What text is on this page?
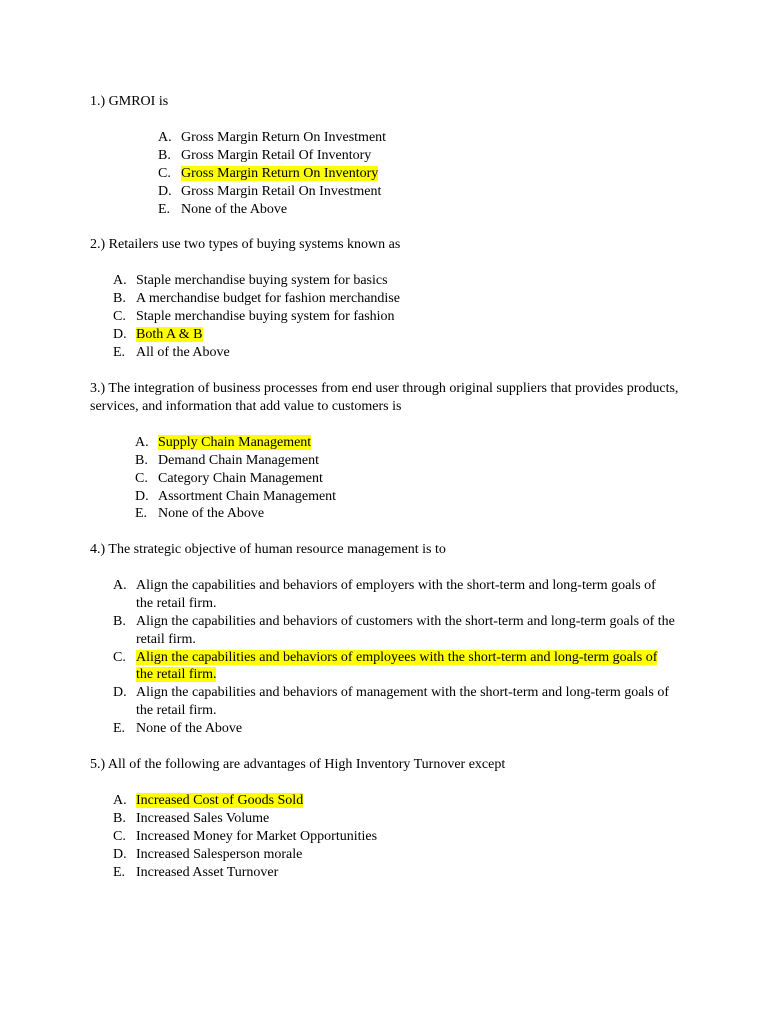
1.) GMROI is

A. Gross Margin Return On Investment
B. Gross Margin Retail Of Inventory
C. Gross Margin Return On Inventory
D. Gross Margin Retail On Investment
E. None of the Above

2.) Retailers use two types of buying systems known as

A. Staple merchandise buying system for basics
B. A merchandise budget for fashion merchandise
C. Staple merchandise buying system for fashion
D. Both A & B
E. All of the Above

3.) The integration of business processes from end user through original suppliers that provides products, services, and information that add value to customers is

A. Supply Chain Management
B. Demand Chain Management
C. Category Chain Management
D. Assortment Chain Management
E. None of the Above

4.) The strategic objective of human resource management is to

A. Align the capabilities and behaviors of employers with the short-term and long-term goals of the retail firm.
B. Align the capabilities and behaviors of customers with the short-term and long-term goals of the retail firm.
C. Align the capabilities and behaviors of employees with the short-term and long-term goals of the retail firm.
D. Align the capabilities and behaviors of management with the short-term and long-term goals of the retail firm.
E. None of the Above

5.) All of the following are advantages of High Inventory Turnover except

A. Increased Cost of Goods Sold
B. Increased Sales Volume
C. Increased Money for Market Opportunities
D. Increased Salesperson morale
E. Increased Asset Turnover
